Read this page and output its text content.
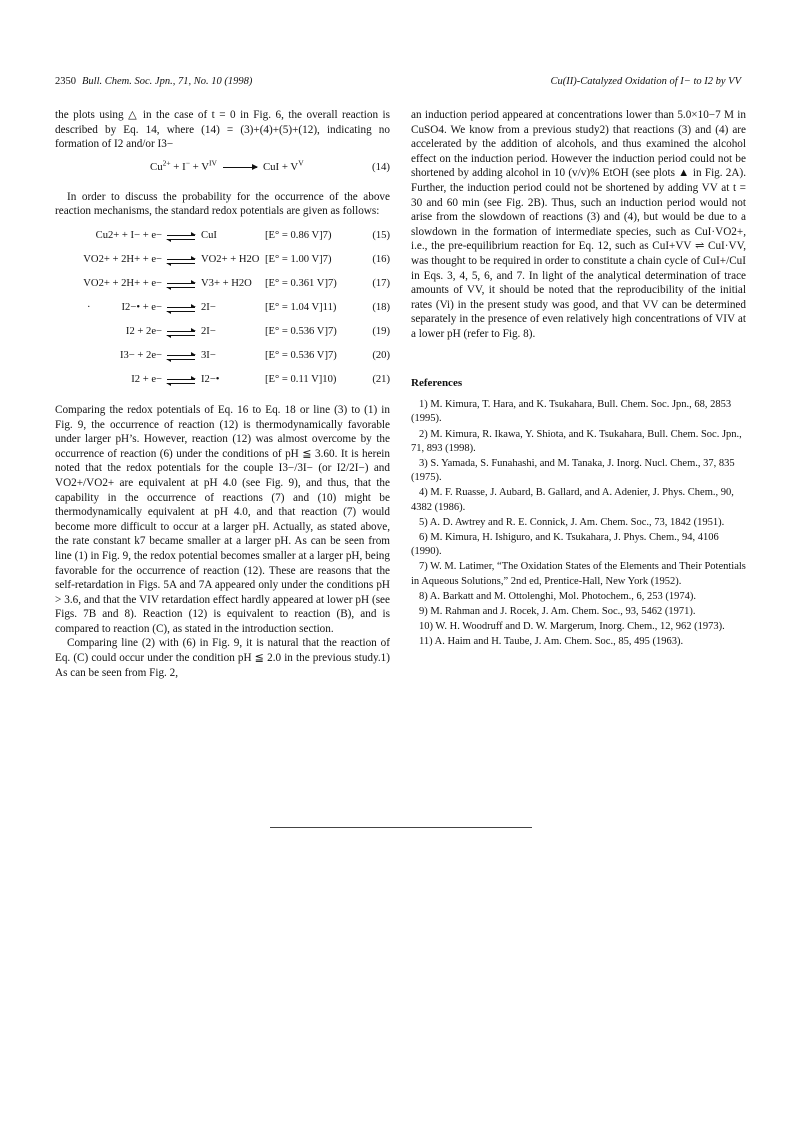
2350 Bull. Chem. Soc. Jpn., 71, No. 10 (1998)	Cu(II)-Catalyzed Oxidation of I− to I2 by VV

the plots using △ in the case of t = 0 in Fig. 6, the overall reaction is described by Eq. 14, where (14) = (3)+(4)+(5)+(12), indicating no formation of I2 and/or I3−

$Cu^{2+} + I^- + V^{IV}$	CuI + $V^V$	(14)

In order to discuss the probability for the occurrence of the above reaction mechanisms, the standard redox potentials are given as follows:

Cu2+ + I− + e− ⇌ CuI	[E° = 0.86 V]7)	(15)
VO2+ + 2H+ + e− ⇌ VO2+ + H2O [E° = 1.00 V]7)	(16)
VO2+ + 2H+ + e− ⇌ V3+ + H2O [E° = 0.361 V]7)	(17)
·	I2−• + e− ⇌ 2I−	[E° = 1.04 V]11)	(18)
I2 + 2e− ⇌ 2I−	[E° = 0.536 V]7)	(19)
I3− + 2e− ⇌ 3I−	[E° = 0.536 V]7)	(20)
I2 + e− ⇌ I2−•	[E° = 0.11 V]10)	(21)

Comparing the redox potentials of Eq. 16 to Eq. 18 or line (3) to (1) in Fig. 9, the occurrence of reaction (12) is thermodynamically favorable under larger pH’s. However, reaction (12) was almost overcome by the occurrence of reaction (6) under the conditions of pH ≦ 3.60. It is herein noted that the redox potentials for the couple I3−/3I− (or I2/2I−) and VO2+/VO2+ are equivalent at pH 4.0 (see Fig. 9), and thus, that the capability in the occurrence of reactions (7) and (10) might be thermodynamically equivalent at pH 4.0, and that reaction (7) would become more difficult to occur at a larger pH. Actually, as stated above, the rate constant k7 became smaller at a larger pH. As can be seen from line (1) in Fig. 9, the redox potential becomes smaller at a larger pH, being favorable for the occurrence of reaction (12). These are reasons that the self-retardation in Figs. 5A and 7A appeared only under the conditions pH > 3.6, and that the VIV retardation effect hardly appeared at lower pH (see Figs. 7B and 8). Reaction (12) is equivalent to reaction (B), and is compared to reaction (C), as stated in the introduction section.

Comparing line (2) with (6) in Fig. 9, it is natural that the reaction of Eq. (C) could occur under the condition pH ≦ 2.0 in the previous study.1) As can be seen from Fig. 2,

an induction period appeared at concentrations lower than 5.0×10−7 M in CuSO4. We know from a previous study2) that reactions (3) and (4) are accelerated by the addition of alcohols, and thus examined the alcohol effect on the induction period. However the induction period could not be shortened by adding alcohol in 10 (v/v)% EtOH (see plots ▲ in Fig. 2A). Further, the induction period could not be shortened by adding VV at t = 30 and 60 min (see Fig. 2B). Thus, such an induction period would not arise from the slowdown of reactions (3) and (4), but would be due to a slowdown in the formation of intermediate species, such as CuI·VO2+, i.e., the pre-equilibrium reaction for Eq. 12, such as CuI+VV ⇌ CuI·VV, was thought to be required in order to constitute a chain cycle of CuI+/CuI in Eqs. 3, 4, 5, 6, and 7. In light of the analytical determination of trace amounts of VV, it should be noted that the reproducibility of the initial rates (Vi) in the present study was good, and that VV can be determined separately in the presence of even relatively high concentrations of VIV at a lower pH (refer to Fig. 8).

References

1) M. Kimura, T. Hara, and K. Tsukahara, Bull. Chem. Soc. Jpn., 68, 2853 (1995).

2) M. Kimura, R. Ikawa, Y. Shiota, and K. Tsukahara, Bull. Chem. Soc. Jpn., 71, 893 (1998).

3) S. Yamada, S. Funahashi, and M. Tanaka, J. Inorg. Nucl. Chem., 37, 835 (1975).

4) M. F. Ruasse, J. Aubard, B. Gallard, and A. Adenier, J. Phys. Chem., 90, 4382 (1986).

5) A. D. Awtrey and R. E. Connick, J. Am. Chem. Soc., 73, 1842 (1951).

6) M. Kimura, H. Ishiguro, and K. Tsukahara, J. Phys. Chem., 94, 4106 (1990).

7) W. M. Latimer, “The Oxidation States of the Elements and Their Potentials in Aqueous Solutions,” 2nd ed, Prentice-Hall, New York (1952).

8) A. Barkatt and M. Ottolenghi, Mol. Photochem., 6, 253 (1974).

9) M. Rahman and J. Rocek, J. Am. Chem. Soc., 93, 5462 (1971).

10) W. H. Woodruff and D. W. Margerum, Inorg. Chem., 12, 962 (1973).

11) A. Haim and H. Taube, J. Am. Chem. Soc., 85, 495 (1963).
